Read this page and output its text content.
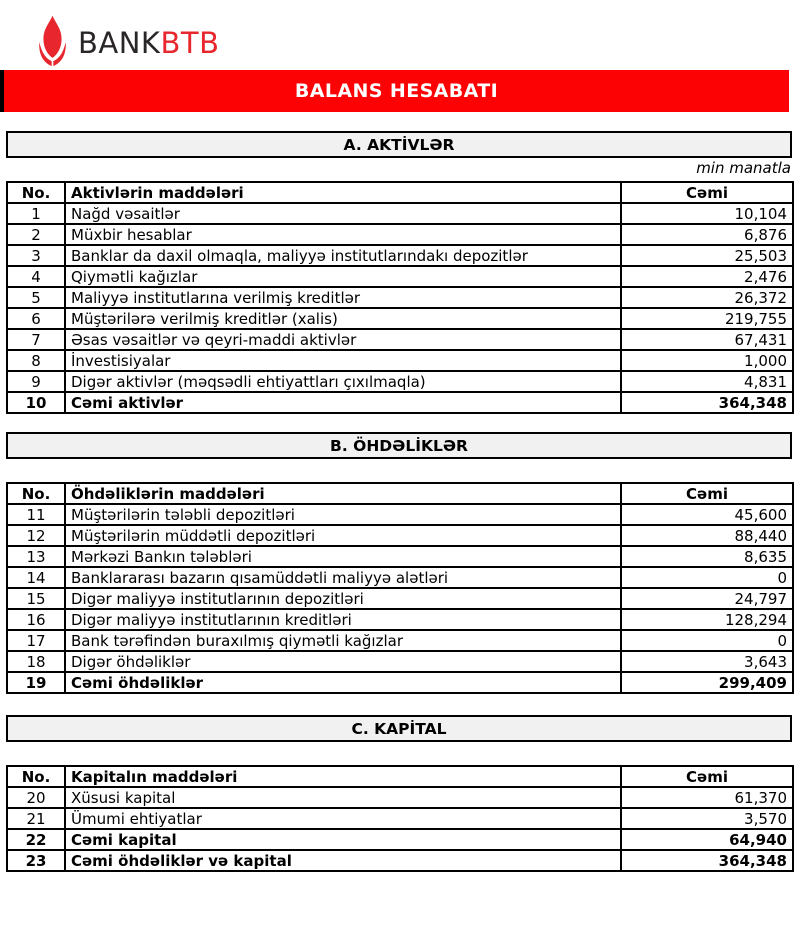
BANKBTB
BALANS HESABATI
A. AKTİVLƏR
min manatla
No.	Aktivlərin maddələri	Cəmi
1	Nağd vəsaitlər	10,104
2	Müxbir hesablar	6,876
3	Banklar da daxil olmaqla, maliyyə institutlarındakı depozitlər	25,503
4	Qiymətli kağızlar	2,476
5	Maliyyə institutlarına verilmiş kreditlər	26,372
6	Müştərilərə verilmiş kreditlər (xalis)	219,755
7	Əsas vəsaitlər və qeyri-maddi aktivlər	67,431
8	İnvestisiyalar	1,000
9	Digər aktivlər (məqsədli ehtiyattları çıxılmaqla)	4,831
10	Cəmi aktivlər	364,348
B. ÖHDƏLİKLƏR
No.	Öhdəliklərin maddələri	Cəmi
11	Müştərilərin tələbli depozitləri	45,600
12	Müştərilərin müddətli depozitləri	88,440
13	Mərkəzi Bankın tələbləri	8,635
14	Banklararası bazarın qısamüddətli maliyyə alətləri	0
15	Digər maliyyə institutlarının depozitləri	24,797
16	Digər maliyyə institutlarının kreditləri	128,294
17	Bank tərəfindən buraxılmış qiymətli kağızlar	0
18	Digər öhdəliklər	3,643
19	Cəmi öhdəliklər	299,409
C. KAPİTAL
No.	Kapitalın maddələri	Cəmi
20	Xüsusi kapital	61,370
21	Ümumi ehtiyatlar	3,570
22	Cəmi kapital	64,940
23	Cəmi öhdəliklər və kapital	364,348
